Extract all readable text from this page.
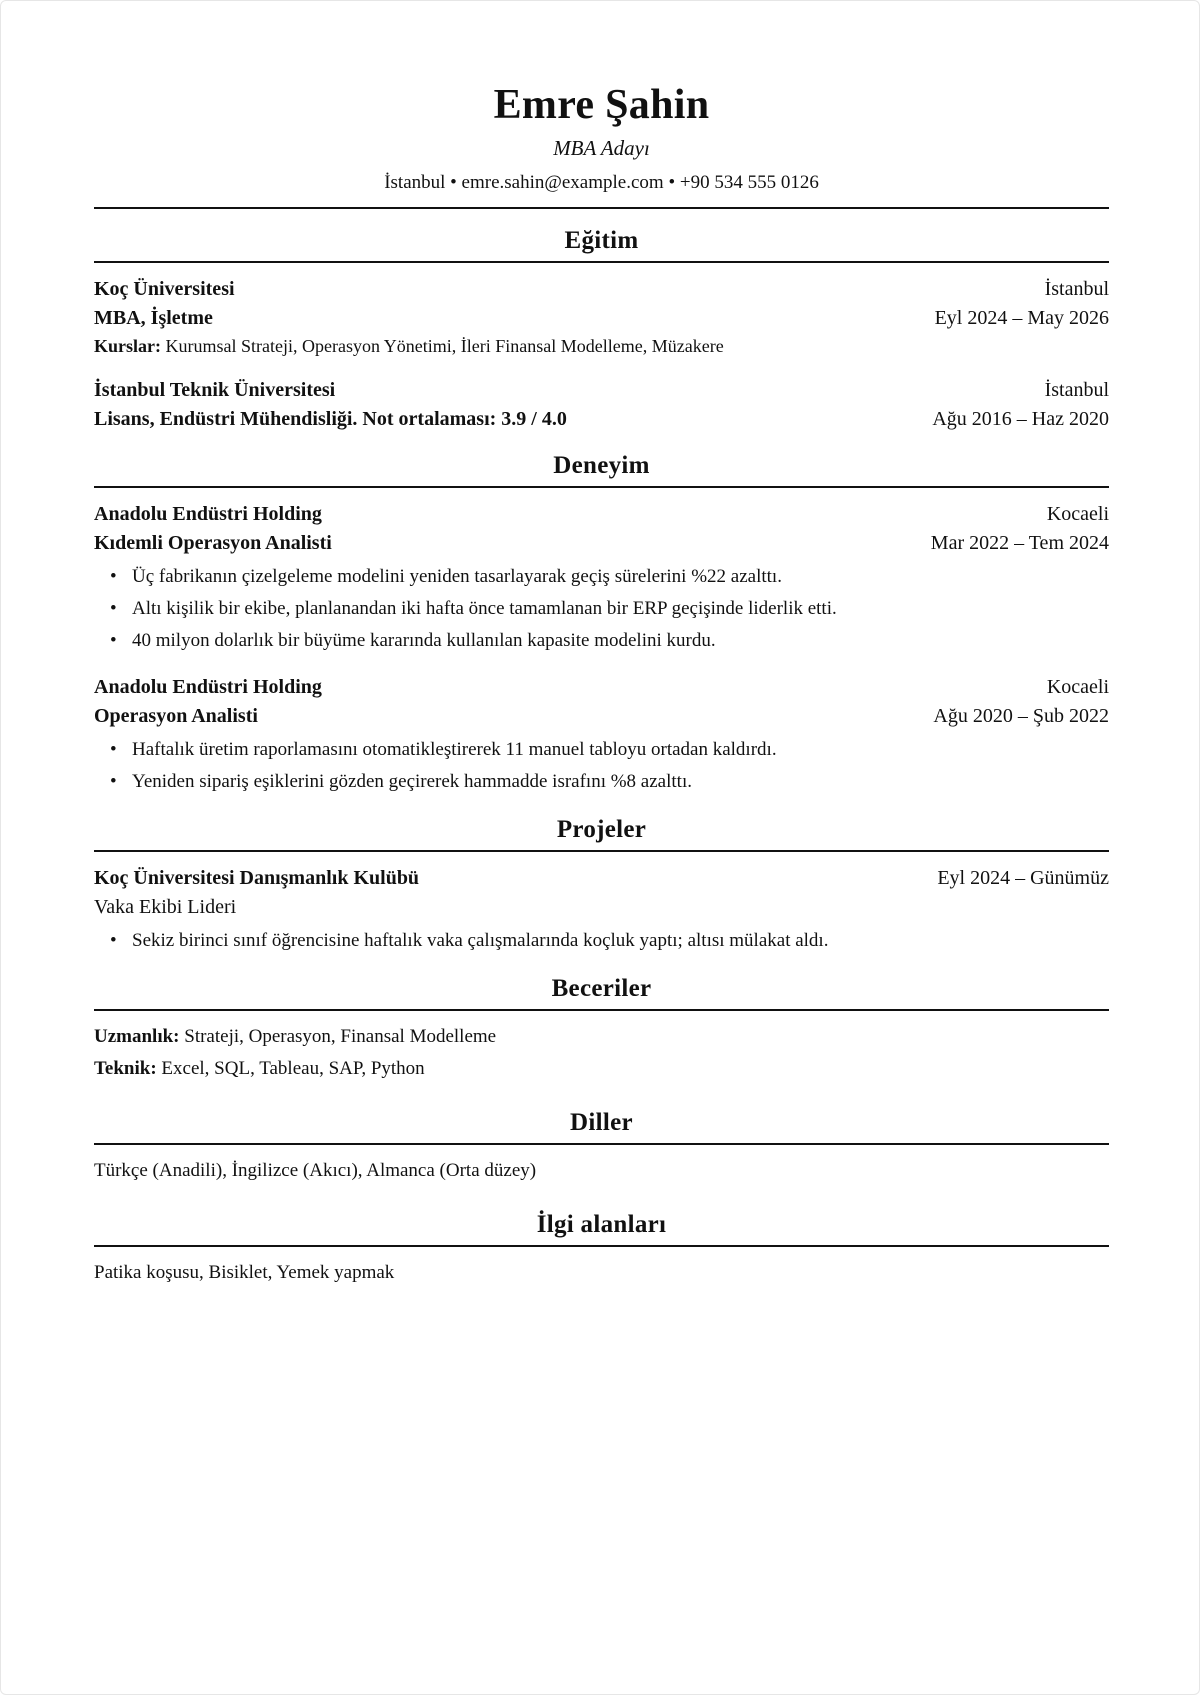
Emre Şahin
MBA Adayı
İstanbul • emre.sahin@example.com • +90 534 555 0126
Eğitim
Koç Üniversitesi	İstanbul
MBA, İşletme	Eyl 2024 – May 2026
Kurslar: Kurumsal Strateji, Operasyon Yönetimi, İleri Finansal Modelleme, Müzakere
İstanbul Teknik Üniversitesi	İstanbul
Lisans, Endüstri Mühendisliği. Not ortalaması: 3.9 / 4.0	Ağu 2016 – Haz 2020
Deneyim
Anadolu Endüstri Holding	Kocaeli
Kıdemli Operasyon Analisti	Mar 2022 – Tem 2024
• Üç fabrikanın çizelgeleme modelini yeniden tasarlayarak geçiş sürelerini %22 azalttı.
• Altı kişilik bir ekibe, planlanandan iki hafta önce tamamlanan bir ERP geçişinde liderlik etti.
• 40 milyon dolarlık bir büyüme kararında kullanılan kapasite modelini kurdu.
Anadolu Endüstri Holding	Kocaeli
Operasyon Analisti	Ağu 2020 – Şub 2022
• Haftalık üretim raporlamasını otomatikleştirerek 11 manuel tabloyu ortadan kaldırdı.
• Yeniden sipariş eşiklerini gözden geçirerek hammadde israfını %8 azalttı.
Projeler
Koç Üniversitesi Danışmanlık Kulübü	Eyl 2024 – Günümüz
Vaka Ekibi Lideri
• Sekiz birinci sınıf öğrencisine haftalık vaka çalışmalarında koçluk yaptı; altısı mülakat aldı.
Beceriler
Uzmanlık: Strateji, Operasyon, Finansal Modelleme
Teknik: Excel, SQL, Tableau, SAP, Python
Diller
Türkçe (Anadili), İngilizce (Akıcı), Almanca (Orta düzey)
İlgi alanları
Patika koşusu, Bisiklet, Yemek yapmak
